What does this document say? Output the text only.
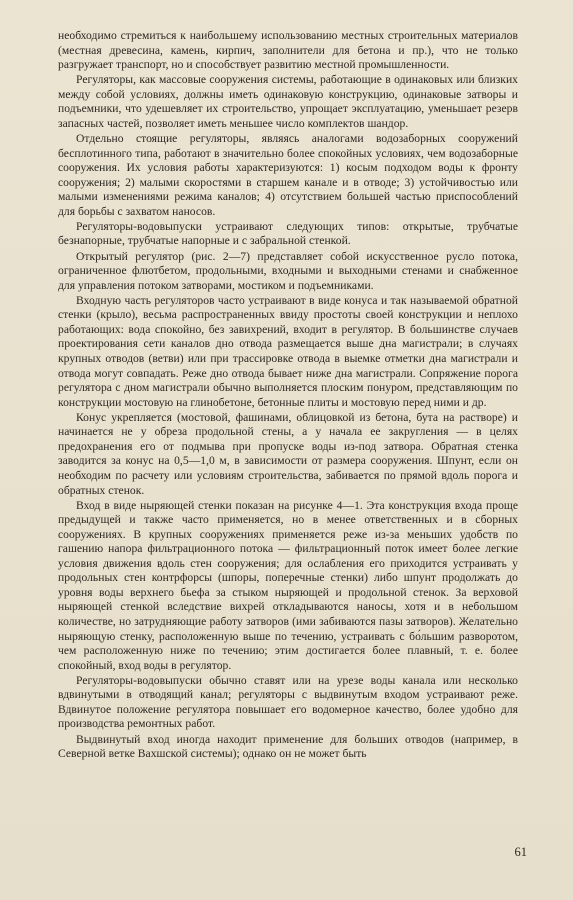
необходимо стремиться к наибольшему использованию местных строительных материалов (местная древесина, камень, кирпич, заполнители для бетона и пр.), что не только разгружает транспорт, но и способствует развитию местной промышленности.

Регуляторы, как массовые сооружения системы, работающие в одинаковых или близких между собой условиях, должны иметь одинаковую конструкцию, одинаковые затворы и подъемники, что удешевляет их строительство, упрощает эксплуатацию, уменьшает резерв запасных частей, позволяет иметь меньшее число комплектов шандор.

Отдельно стоящие регуляторы, являясь аналогами водозаборных сооружений бесплотинного типа, работают в значительно более спокойных условиях, чем водозаборные сооружения. Их условия работы характеризуются: 1) косым подходом воды к фронту сооружения; 2) малыми скоростями в старшем канале и в отводе; 3) устойчивостью или малыми изменениями режима каналов; 4) отсутствием большей частью приспособлений для борьбы с захватом наносов.

Регуляторы-водовыпуски устраивают следующих типов: открытые, трубчатые безнапорные, трубчатые напорные и с забральной стенкой.

Открытый регулятор (рис. 2—7) представляет собой искусственное русло потока, ограниченное флютбетом, продольными, входными и выходными стенами и снабженное для управления потоком затворами, мостиком и подъемниками.

Входную часть регуляторов часто устраивают в виде конуса и так называемой обратной стенки (крыло), весьма распространенных ввиду простоты своей конструкции и неплохо работающих: вода спокойно, без завихрений, входит в регулятор. В большинстве случаев проектирования сети каналов дно отвода размещается выше дна магистрали; в случаях крупных отводов (ветви) или при трассировке отвода в выемке отметки дна магистрали и отвода могут совпадать. Реже дно отвода бывает ниже дна магистрали. Сопряжение порога регулятора с дном магистрали обычно выполняется плоским понуром, представляющим по конструкции мостовую на глинобетоне, бетонные плиты и мостовую перед ними и др.

Конус укрепляется (мостовой, фашинами, облицовкой из бетона, бута на растворе) и начинается не у обреза продольной стены, а у начала ее закругления — в целях предохранения его от подмыва при пропуске воды из-под затвора. Обратная стенка заводится за конус на 0,5—1,0 м, в зависимости от размера сооружения. Шпунт, если он необходим по расчету или условиям строительства, забивается по прямой вдоль порога и обратных стенок.

Вход в виде ныряющей стенки показан на рисунке 4—1. Эта конструкция входа проще предыдущей и также часто применяется, но в менее ответственных и в сборных сооружениях. В крупных сооружениях применяется реже из-за меньших удобств по гашению напора фильтрационного потока — фильтрационный поток имеет более легкие условия движения вдоль стен сооружения; для ослабления его приходится устраивать у продольных стен контрфорсы (шпоры, поперечные стенки) либо шпунт продолжать до уровня воды верхнего бьефа за стыком ныряющей и продольной стенок. За верховой ныряющей стенкой вследствие вихрей откладываются наносы, хотя и в небольшом количестве, но затрудняющие работу затворов (ими забиваются пазы затворов). Желательно ныряющую стенку, расположенную выше по течению, устраивать с бо́льшим разворотом, чем расположенную ниже по течению; этим достигается более плавный, т. е. более спокойный, вход воды в регулятор.

Регуляторы-водовыпуски обычно ставят или на урезе воды канала или несколько вдвинутыми в отводящий канал; регуляторы с выдвинутым входом устраивают реже. Вдвинутое положение регулятора повышает его водомерное качество, более удобно для производства ремонтных работ.

Выдвинутый вход иногда находит применение для больших отводов (например, в Северной ветке Вахшской системы); однако он не может быть

61
